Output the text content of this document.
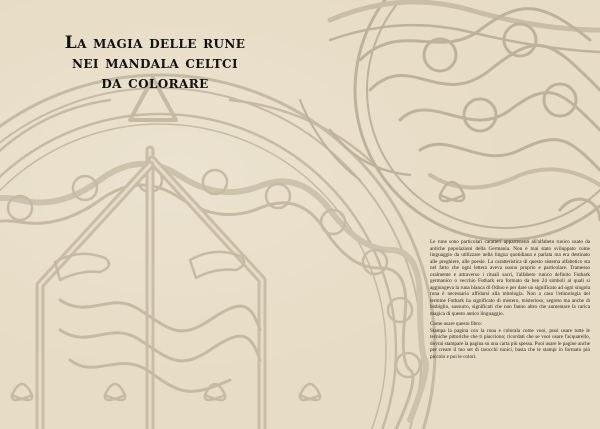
La magia delle rune
nei mandala celtci
da colorare

Le rune sono particolari caratteri appartenenti all'alfabeto runico usato da antiche popolazioni della Germania. Non è mai stato sviluppato come linguaggio da utilizzare nella lingua quotidiana e parlata ma era destinato alle preghiere, alle poesie. La caratteristica di questo sistema alfabetico sta nel fatto che ogni lettera aveva suono proprio e particolare. Tramesso oralmente e attraverso i rituali sacri, l'alfabeto runico definito Futhark germanico o vecchio Futhark era formato da ben 24 simboli al quali si aggiungeva la runa bianca di Odino e per dare un significato ad ogni singola runa è necessario affidarsi alla mitologia. Non a caso l'etimologia del termine Futhark ha significato di mistero, misterioso, segreto ma anche di bisbiglio, sussurro, significati che non fanno altro che aumentare la carica magica di questo antico linguaggio.

Come usare questo libro:

Stampa la pagina con la runa e colorala come vuoi, puoi usare tutte le tecniche pittoriche che ti piacciono; ricordati che se vuoi usare l'acquarello, dovrai stampare la pagina su una carta più spessa. Puoi usare le pagine anche per creare il tuo set di tarocchi runici, basta che le stampi in formato più piccolo e poi le colori.
